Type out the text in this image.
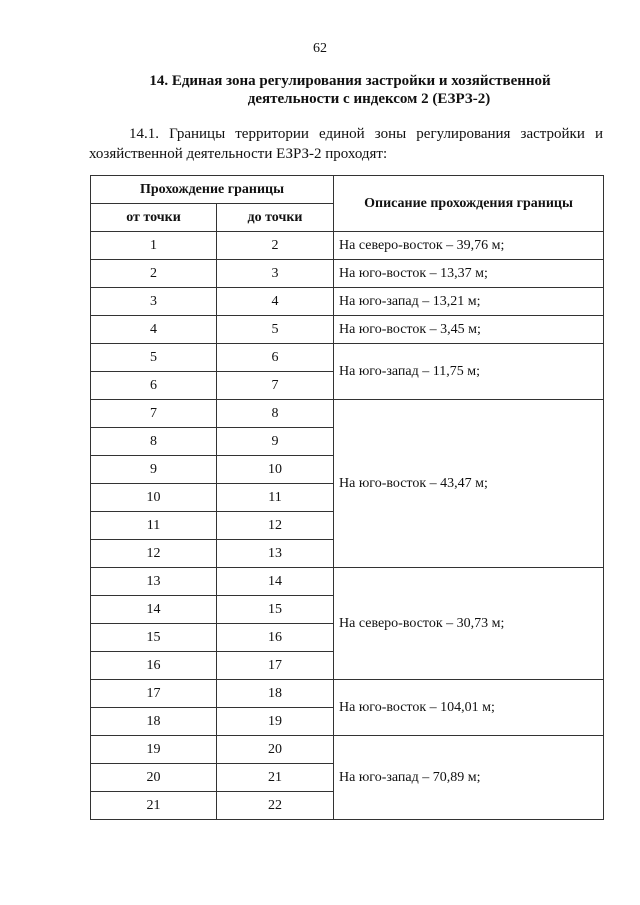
62
14. Единая зона регулирования застройки и хозяйственной

деятельности с индексом 2 (ЕЗРЗ-2)
14.1. Границы территории единой зоны регулирования застройки и хозяйственной деятельности ЕЗРЗ-2 проходят:
Прохождение границы		Описание прохождения границы
от точки	до точки	
1	2	На северо-восток – 39,76 м;
2	3	На юго-восток – 13,37 м;
3	4	На юго-запад – 13,21 м;
4	5	На юго-восток – 3,45 м;
5	6	На юго-запад – 11,75 м;
6	7	
7	8	На юго-восток – 43,47 м;
8	9	
9	10	
10	11	
11	12	
12	13	
13	14	На северо-восток – 30,73 м;
14	15	
15	16	
16	17	
17	18	На юго-восток – 104,01 м;
18	19	
19	20	На юго-запад – 70,89 м;
20	21	
21	22	
